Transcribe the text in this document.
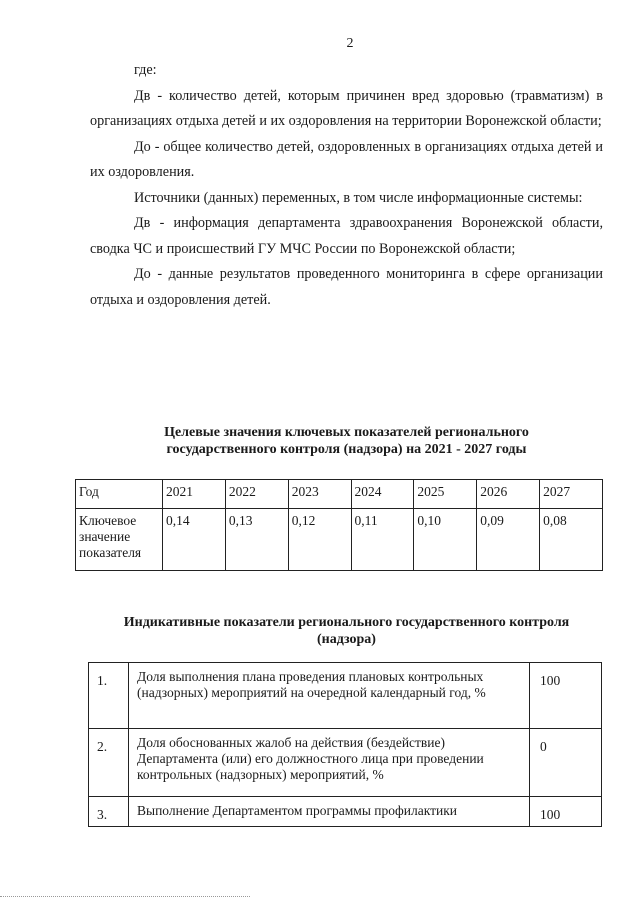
2

где:

Дв - количество детей, которым причинен вред здоровью (травматизм) в организациях отдыха детей и их оздоровления на территории Воронежской области;

До - общее количество детей, оздоровленных в организациях отдыха детей и их оздоровления.

Источники (данных) переменных, в том числе информационные системы:

Дв - информация департамента здравоохранения Воронежской области, сводка ЧС и происшествий ГУ МЧС России по Воронежской области;

До - данные результатов проведенного мониторинга в сфере организации отдыха и оздоровления детей.

Целевые значения ключевых показателей регионального
государственного контроля (надзора) на 2021 - 2027 годы
Год	2021	2022	2023	2024	2025	2026	2027
Ключевое значение показателя	0,14	0,13	0,12	0,11	0,10	0,09	0,08
Индикативные показатели регионального государственного контроля
(надзора)
1.	Доля выполнения плана проведения плановых контрольных (надзорных) мероприятий на очередной календарный год, %	100
2.	Доля обоснованных жалоб на действия (бездействие) Департамента (или) его должностного лица при проведении контрольных (надзорных) мероприятий, %	0
3.	Выполнение Департаментом программы профилактики	100
